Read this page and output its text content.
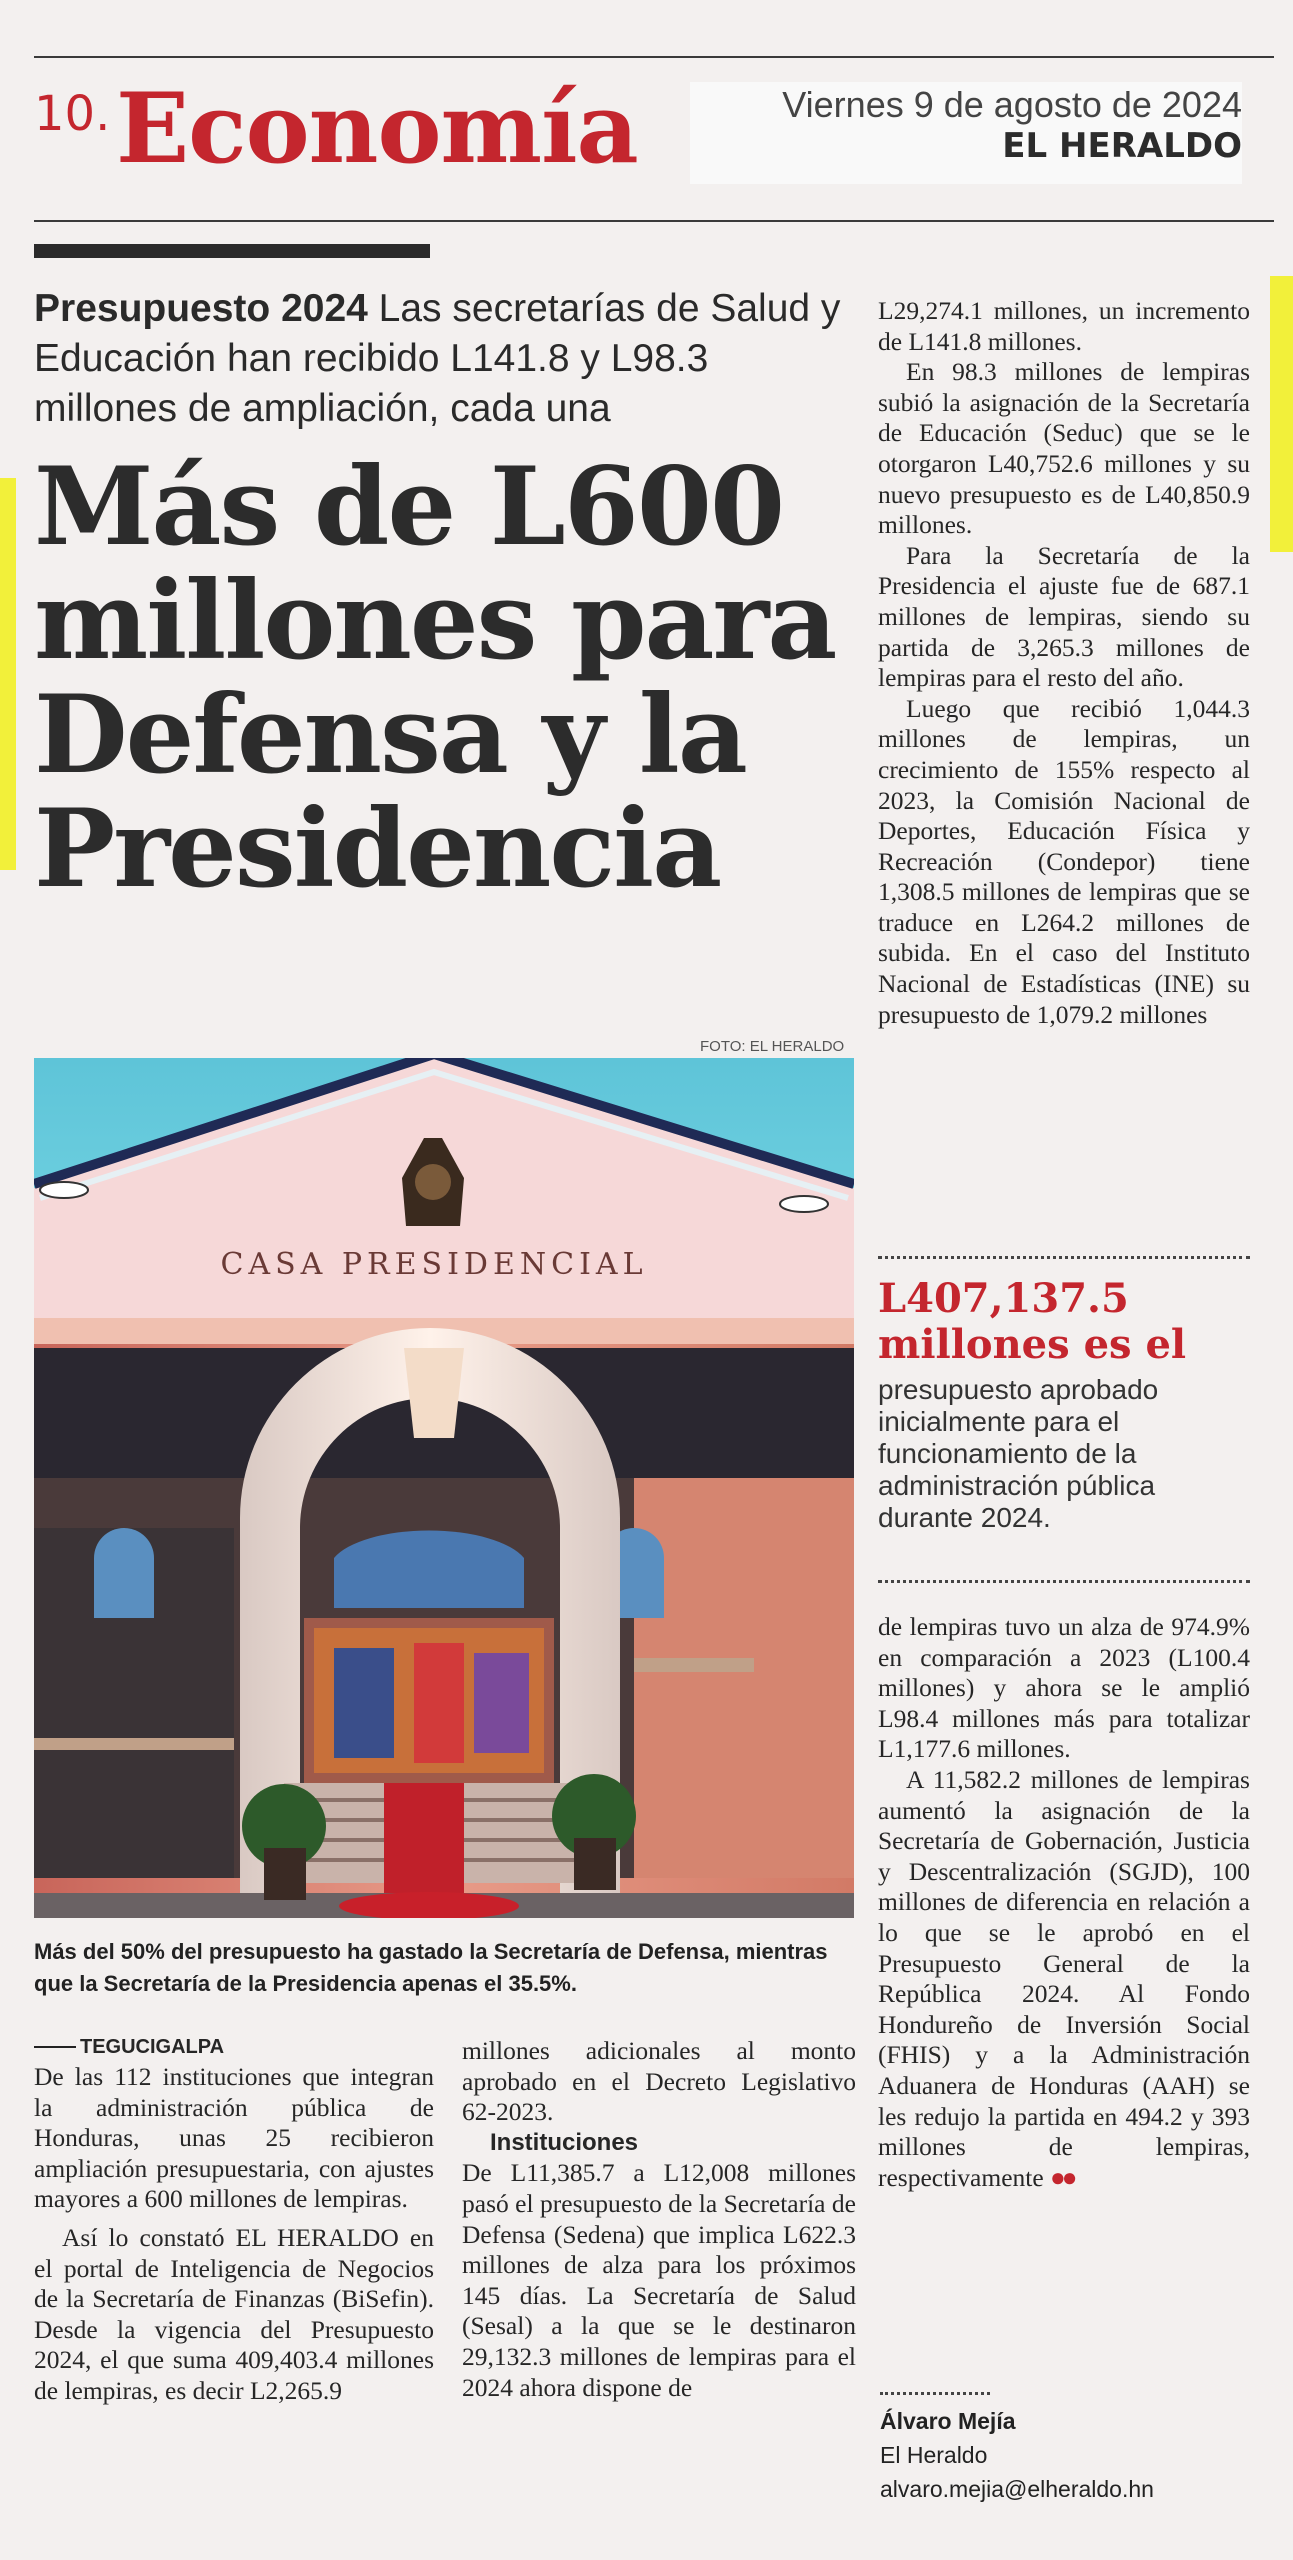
10. Economía	Viernes 9 de agosto de 2024
EL HERALDO
Presupuesto 2024 Las secretarías de Salud y Educación han recibido L141.8 y L98.3 millones de ampliación, cada una
Más de L600
millones para
Defensa y la
Presidencia
FOTO: EL HERALDO
CASA PRESIDENCIAL
Más del 50% del presupuesto ha gastado la Secretaría de Defensa, mientras que la Secretaría de la Presidencia apenas el 35.5%.

TEGUCIGALPA

De las 112 instituciones que integran la administración pública de Honduras, unas 25 recibieron ampliación presupuestaria, con ajustes mayores a 600 millones de lempiras.

Así lo constató EL HERALDO en el portal de Inteligencia de Negocios de la Secretaría de Finanzas (BiSefin). Desde la vigencia del Presupuesto 2024, el que suma 409,403.4 millones de lempiras, es decir L2,265.9

millones adicionales al monto aprobado en el Decreto Legislativo 62-2023.

Instituciones

De L11,385.7 a L12,008 millones pasó el presupuesto de la Secretaría de Defensa (Sedena) que implica L622.3 millones de alza para los próximos 145 días. La Secretaría de Salud (Sesal) a la que se le destinaron 29,132.3 millones de lempiras para el 2024 ahora dispone de

L29,274.1 millones, un incremento de L141.8 millones.

En 98.3 millones de lempiras subió la asignación de la Secretaría de Educación (Seduc) que se le otorgaron L40,752.6 millones y su nuevo presupuesto es de L40,850.9 millones.

Para la Secretaría de la Presidencia el ajuste fue de 687.1 millones de lempiras, siendo su partida de 3,265.3 millones de lempiras para el resto del año.

Luego que recibió 1,044.3 millones de lempiras, un crecimiento de 155% respecto al 2023, la Comisión Nacional de Deportes, Educación Física y Recreación (Condepor) tiene 1,308.5 millones de lempiras que se traduce en L264.2 millones de subida. En el caso del Instituto Nacional de Estadísticas (INE) su presupuesto de 1,079.2 millones

L407,137.5
millones es el
presupuesto aprobado inicialmente para el funcionamiento de la administración pública durante 2024.

de lempiras tuvo un alza de 974.9% en comparación a 2023 (L100.4 millones) y ahora se le amplió L98.4 millones más para totalizar L1,177.6 millones.

A 11,582.2 millones de lempiras aumentó la asignación de la Secretaría de Gobernación, Justicia y Descentralización (SGJD), 100 millones de diferencia en relación a lo que se le aprobó en el Presupuesto General de la República 2024. Al Fondo Hondureño de Inversión Social (FHIS) y a la Administración Aduanera de Honduras (AAH) se les redujo la partida en 494.2 y 393 millones de lempiras, respectivamente ●●

Álvaro Mejía
El Heraldo
alvaro.mejia@elheraldo.hn
